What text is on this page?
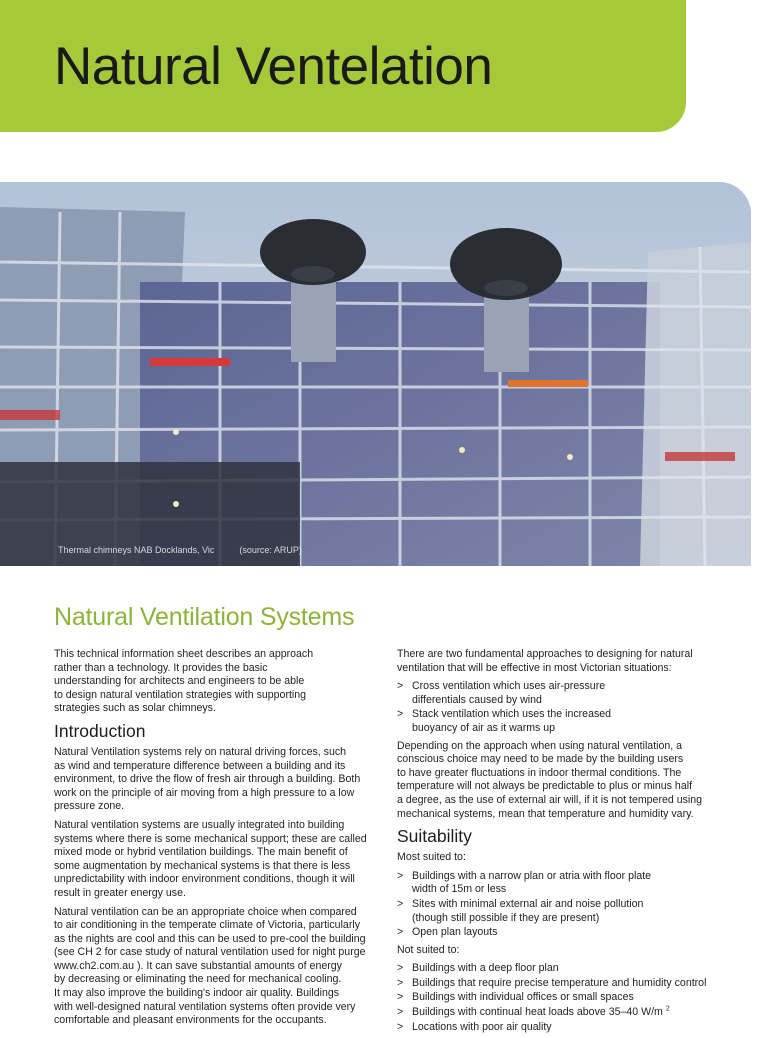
Natural Ventelation
Thermal chimneys NAB Docklands, Vic	(source: ARUP)
Natural Ventilation Systems

This technical information sheet describes an approach
rather than a technology. It provides the basic
understanding for architects and engineers to be able
to design natural ventilation strategies with supporting
strategies such as solar chimneys.

Introduction

Natural Ventilation systems rely on natural driving forces, such
as wind and temperature difference between a building and its
environment, to drive the flow of fresh air through a building. Both
work on the principle of air moving from a high pressure to a low
pressure zone.

Natural ventilation systems are usually integrated into building
systems where there is some mechanical support; these are called
mixed mode or hybrid ventilation buildings. The main benefit of
some augmentation by mechanical systems is that there is less
unpredictability with indoor environment conditions, though it will
result in greater energy use.

Natural ventilation can be an appropriate choice when compared
to air conditioning in the temperate climate of Victoria, particularly
as the nights are cool and this can be used to pre-cool the building
(see CH 2 for case study of natural ventilation used for night purge
www.ch2.com.au ). It can save substantial amounts of energy
by decreasing or eliminating the need for mechanical cooling.
It may also improve the building's indoor air quality. Buildings
with well-designed natural ventilation systems often provide very
comfortable and pleasant environments for the occupants.

There are two fundamental approaches to designing for natural
ventilation that will be effective in most Victorian situations:

> Cross ventilation which uses air-pressure
differentials caused by wind
> Stack ventilation which uses the increased
buoyancy of air as it warms up

Depending on the approach when using natural ventilation, a
conscious choice may need to be made by the building users
to have greater fluctuations in indoor thermal conditions. The
temperature will not always be predictable to plus or minus half
a degree, as the use of external air will, if it is not tempered using
mechanical systems, mean that temperature and humidity vary.

Suitability

Most suited to:

> Buildings with a narrow plan or atria with floor plate
width of 15m or less
> Sites with minimal external air and noise pollution
(though still possible if they are present)
> Open plan layouts

Not suited to:

> Buildings with a deep floor plan
> Buildings that require precise temperature and humidity control
> Buildings with individual offices or small spaces
> Buildings with continual heat loads above 35–40 W/m $^2$
> Locations with poor air quality
